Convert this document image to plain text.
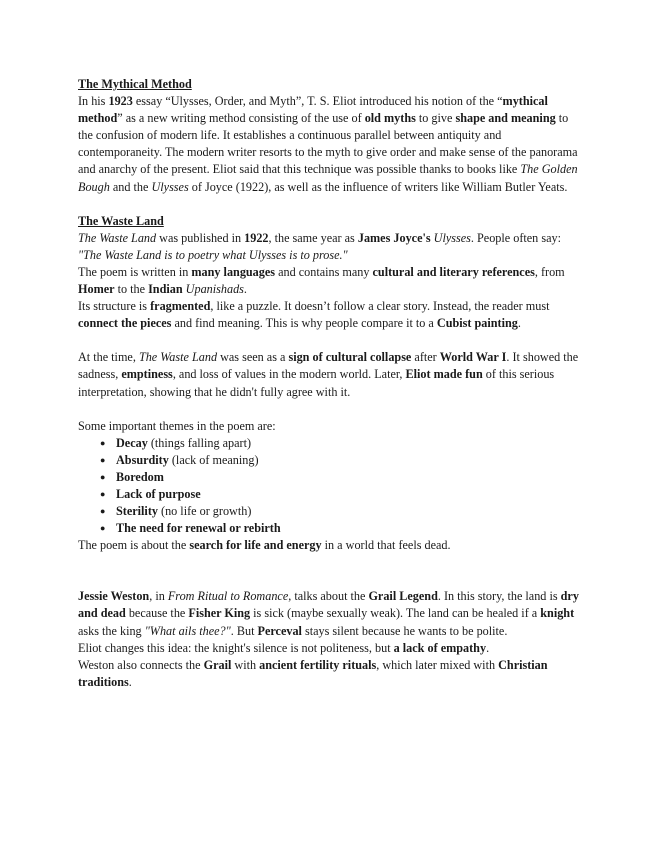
The Mythical Method

In his 1923 essay “Ulysses, Order, and Myth”, T. S. Eliot introduced his notion of the “mythical method” as a new writing method consisting of the use of old myths to give shape and meaning to the confusion of modern life. It establishes a continuous parallel between antiquity and contemporaneity. The modern writer resorts to the myth to give order and make sense of the panorama and anarchy of the present. Eliot said that this technique was possible thanks to books like The Golden Bough and the Ulysses of Joyce (1922), as well as the influence of writers like William Butler Yeats.

The Waste Land

The Waste Land was published in 1922, the same year as James Joyce's Ulysses. People often say: "The Waste Land is to poetry what Ulysses is to prose."

The poem is written in many languages and contains many cultural and literary references, from Homer to the Indian Upanishads.

Its structure is fragmented, like a puzzle. It doesn’t follow a clear story. Instead, the reader must connect the pieces and find meaning. This is why people compare it to a Cubist painting.

At the time, The Waste Land was seen as a sign of cultural collapse after World War I. It showed the sadness, emptiness, and loss of values in the modern world. Later, Eliot made fun of this serious interpretation, showing that he didn't fully agree with it.

Some important themes in the poem are:

● Decay (things falling apart)
● Absurdity (lack of meaning)
● Boredom
● Lack of purpose
● Sterility (no life or growth)
● The need for renewal or rebirth

The poem is about the search for life and energy in a world that feels dead.

Jessie Weston, in From Ritual to Romance, talks about the Grail Legend. In this story, the land is dry and dead because the Fisher King is sick (maybe sexually weak). The land can be healed if a knight asks the king "What ails thee?". But Perceval stays silent because he wants to be polite.

Eliot changes this idea: the knight's silence is not politeness, but a lack of empathy.

Weston also connects the Grail with ancient fertility rituals, which later mixed with Christian traditions.
